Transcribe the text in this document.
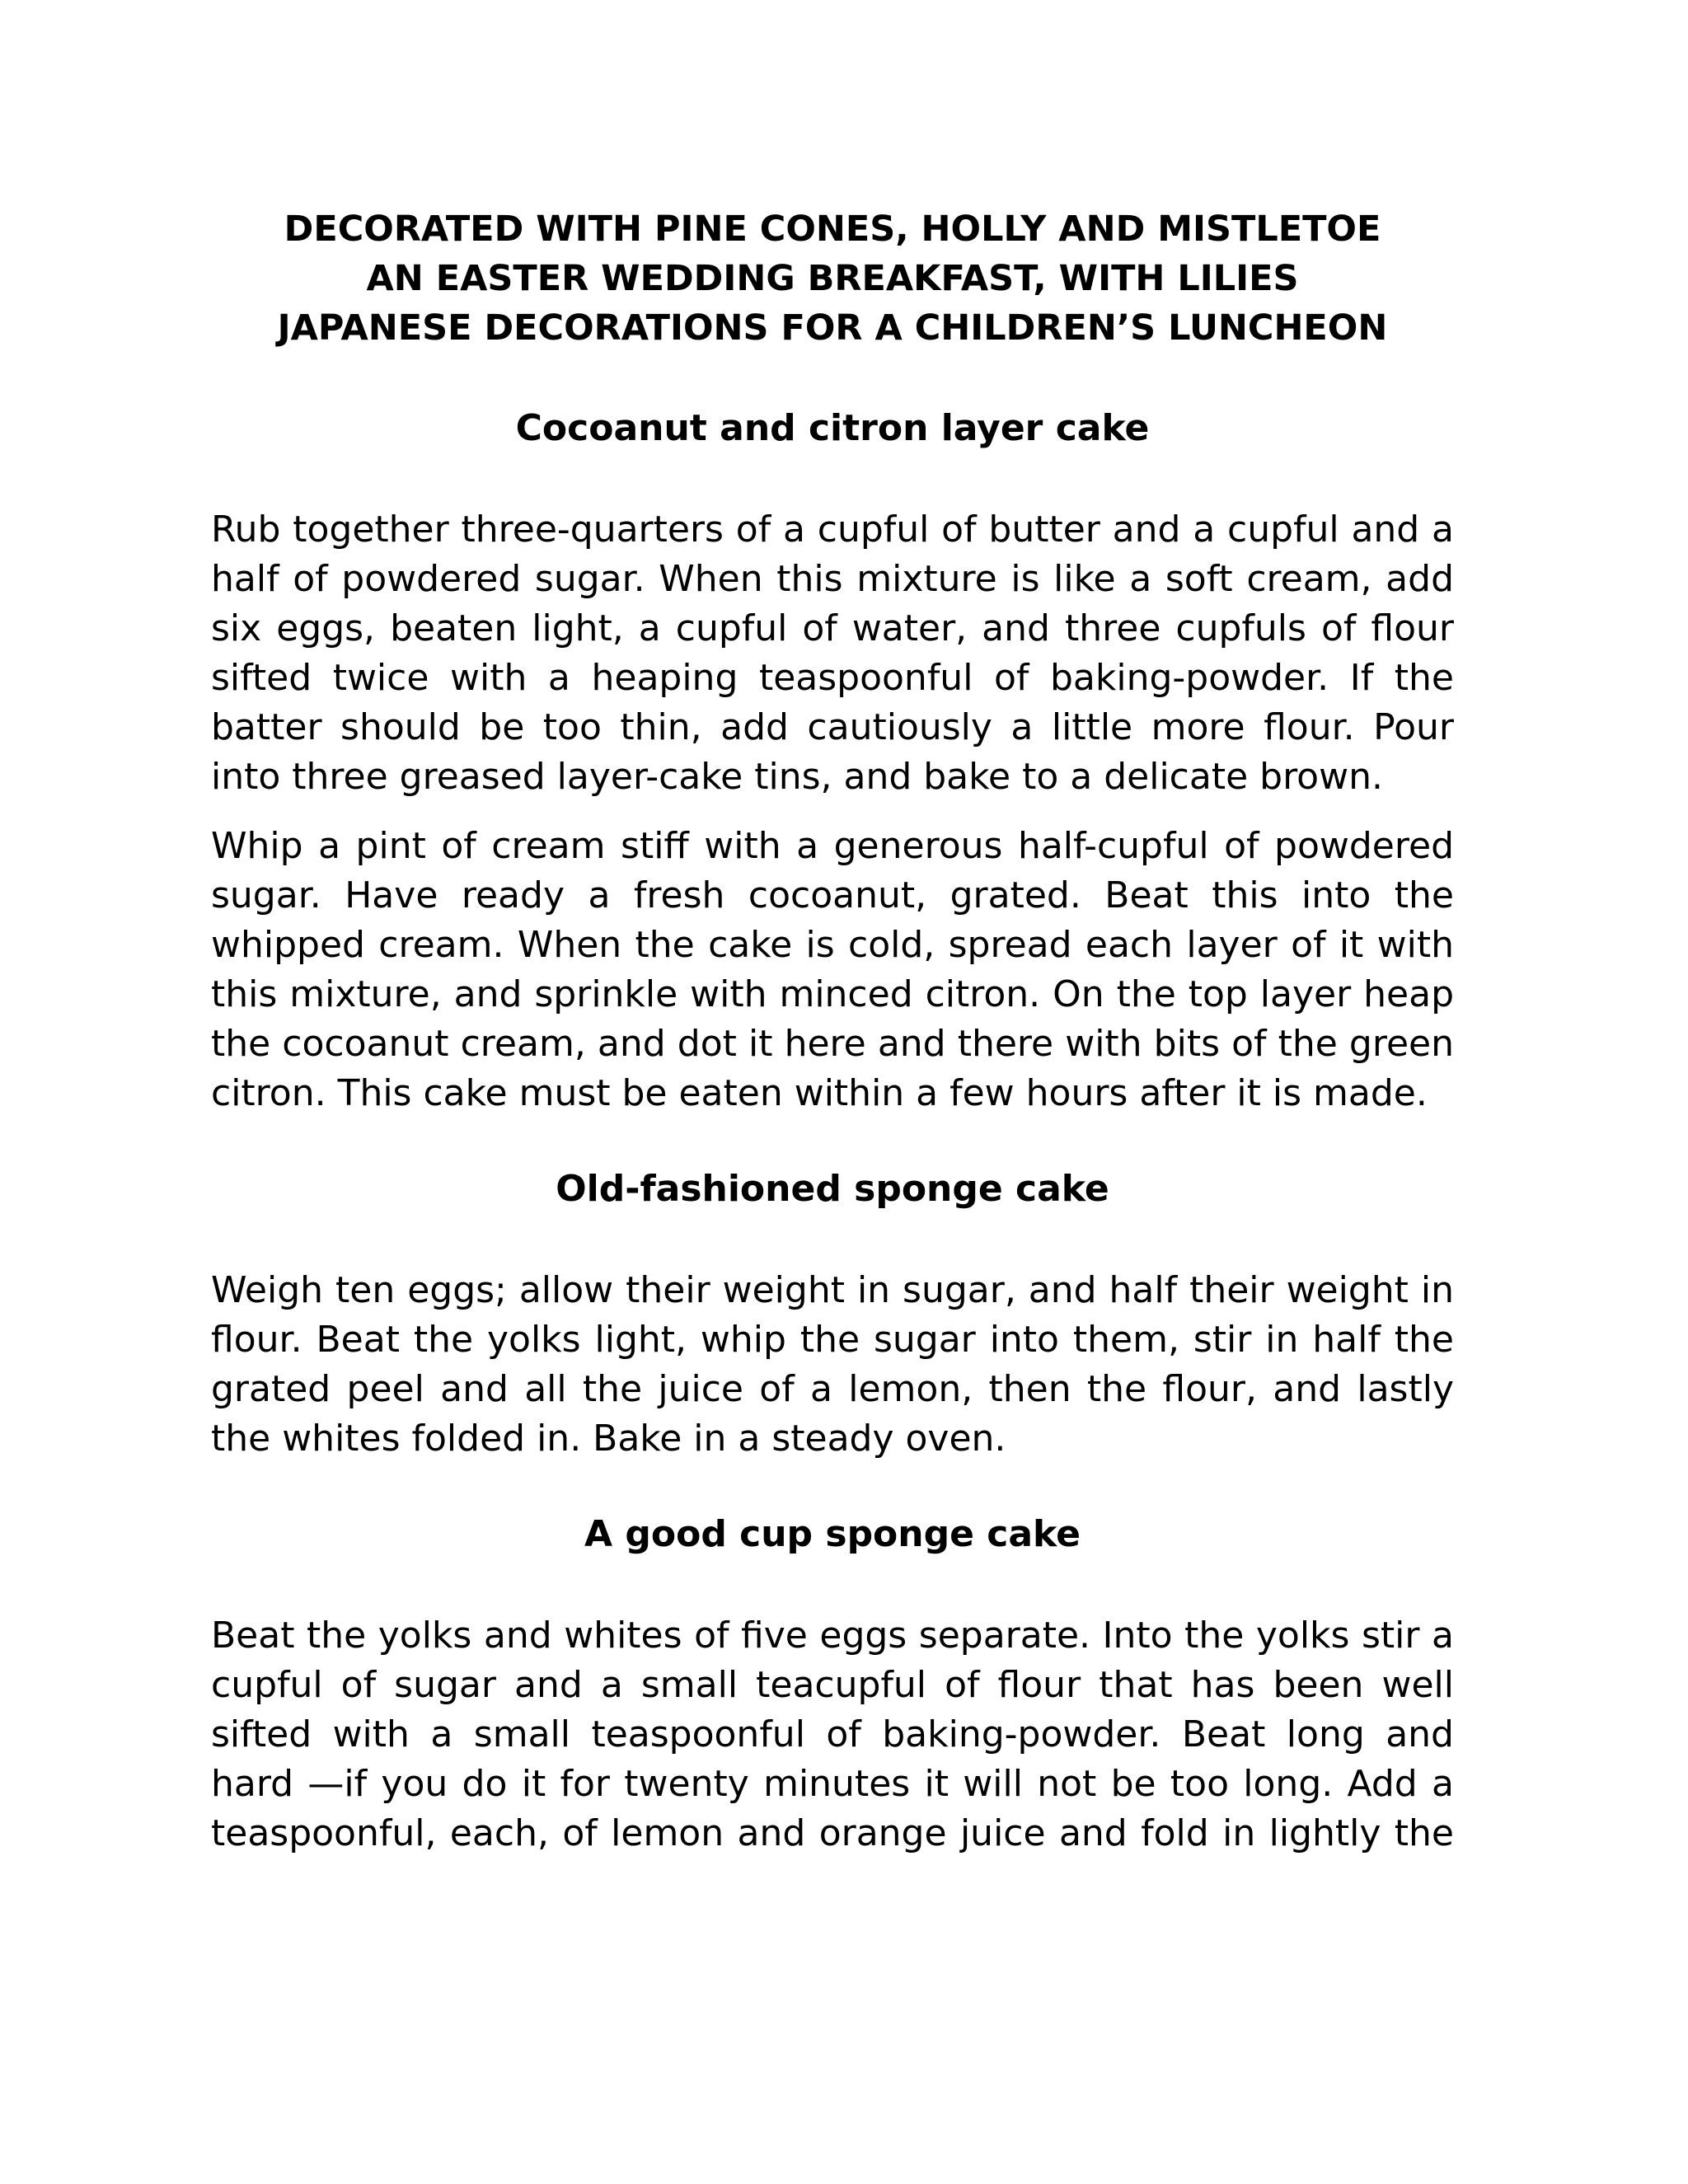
DECORATED WITH PINE CONES, HOLLY AND MISTLETOE
AN EASTER WEDDING BREAKFAST, WITH LILIES
JAPANESE DECORATIONS FOR A CHILDREN’S LUNCHEON
Cocoanut and citron layer cake

Rub together three-quarters of a cupful of butter and a cupful and a half of powdered sugar. When this mixture is like a soft cream, add six eggs, beaten light, a cupful of water, and three cupfuls of flour sifted twice with a heaping teaspoonful of baking-powder. If the batter should be too thin, add cautiously a little more flour. Pour into three greased layer-cake tins, and bake to a delicate brown.

Whip a pint of cream stiff with a generous half-cupful of powdered sugar. Have ready a fresh cocoanut, grated. Beat this into the whipped cream. When the cake is cold, spread each layer of it with this mixture, and sprinkle with minced citron. On the top layer heap the cocoanut cream, and dot it here and there with bits of the green citron. This cake must be eaten within a few hours after it is made.

Old-fashioned sponge cake

Weigh ten eggs; allow their weight in sugar, and half their weight in flour. Beat the yolks light, whip the sugar into them, stir in half the grated peel and all the juice of a lemon, then the flour, and lastly the whites folded in. Bake in a steady oven.

A good cup sponge cake

Beat the yolks and whites of five eggs separate. Into the yolks stir a cupful of sugar and a small teacupful of flour that has been well sifted with a small teaspoonful of baking-powder. Beat long and hard —if you do it for twenty minutes it will not be too long. Add a teaspoonful, each, of lemon and orange juice and fold in lightly the
